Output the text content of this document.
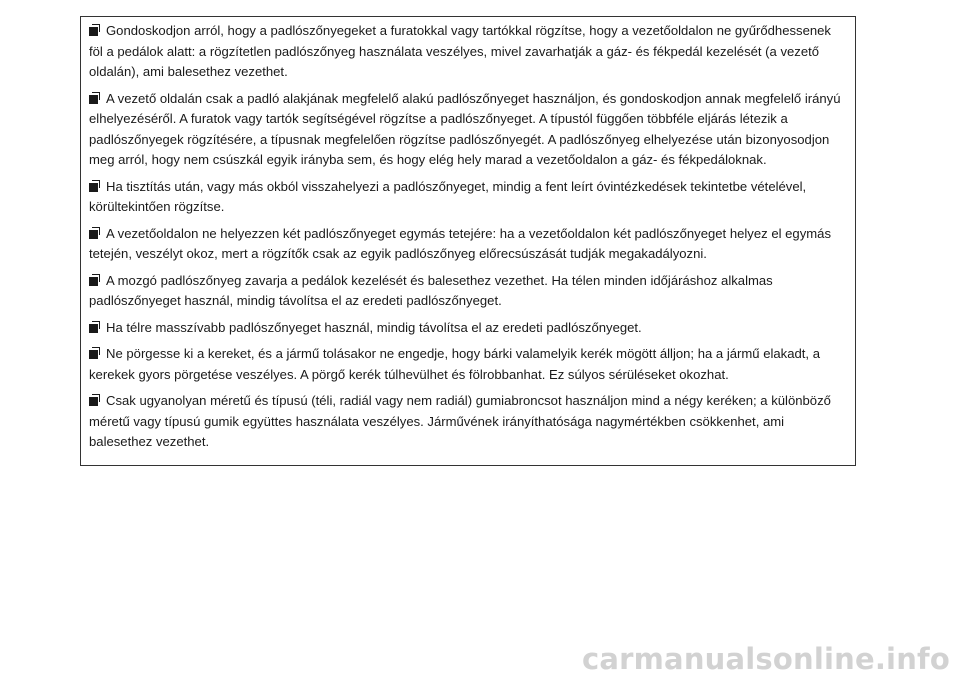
Gondoskodjon arról, hogy a padlószőnyegeket a furatokkal vagy tartókkal rögzítse, hogy a vezetőoldalon ne gyűrődhessenek föl a pedálok alatt: a rögzítetlen padlószőnyeg használata veszélyes, mivel zavarhatják a gáz- és fékpedál kezelését (a vezető oldalán), ami balesethez vezethet.

A vezető oldalán csak a padló alakjának megfelelő alakú padlószőnyeget használjon, és gondoskodjon annak megfelelő irányú elhelyezéséről. A furatok vagy tartók segítségével rögzítse a padlószőnyeget. A típustól függően többféle eljárás létezik a padlószőnyegek rögzítésére, a típusnak megfelelően rögzítse padlószőnyegét. A padlószőnyeg elhelyezése után bizonyosodjon meg arról, hogy nem csúszkál egyik irányba sem, és hogy elég hely marad a vezetőoldalon a gáz- és fékpedáloknak.

Ha tisztítás után, vagy más okból visszahelyezi a padlószőnyeget, mindig a fent leírt óvintézkedések tekintetbe vételével, körültekintően rögzítse.

A vezetőoldalon ne helyezzen két padlószőnyeget egymás tetejére: ha a vezetőoldalon két padlószőnyeget helyez el egymás tetején, veszélyt okoz, mert a rögzítők csak az egyik padlószőnyeg előrecsúszását tudják megakadályozni.

A mozgó padlószőnyeg zavarja a pedálok kezelését és balesethez vezethet. Ha télen minden időjáráshoz alkalmas padlószőnyeget használ, mindig távolítsa el az eredeti padlószőnyeget.

Ha télre masszívabb padlószőnyeget használ, mindig távolítsa el az eredeti padlószőnyeget.

Ne pörgesse ki a kereket, és a jármű tolásakor ne engedje, hogy bárki valamelyik kerék mögött álljon; ha a jármű elakadt, a kerekek gyors pörgetése veszélyes. A pörgő kerék túlhevülhet és fölrobbanhat. Ez súlyos sérüléseket okozhat.

Csak ugyanolyan méretű és típusú (téli, radiál vagy nem radiál) gumiabroncsot használjon mind a négy keréken; a különböző méretű vagy típusú gumik együttes használata veszélyes. Járművének irányíthatósága nagymértékben csökkenhet, ami balesethez vezethet.

carmanualsonline.info
